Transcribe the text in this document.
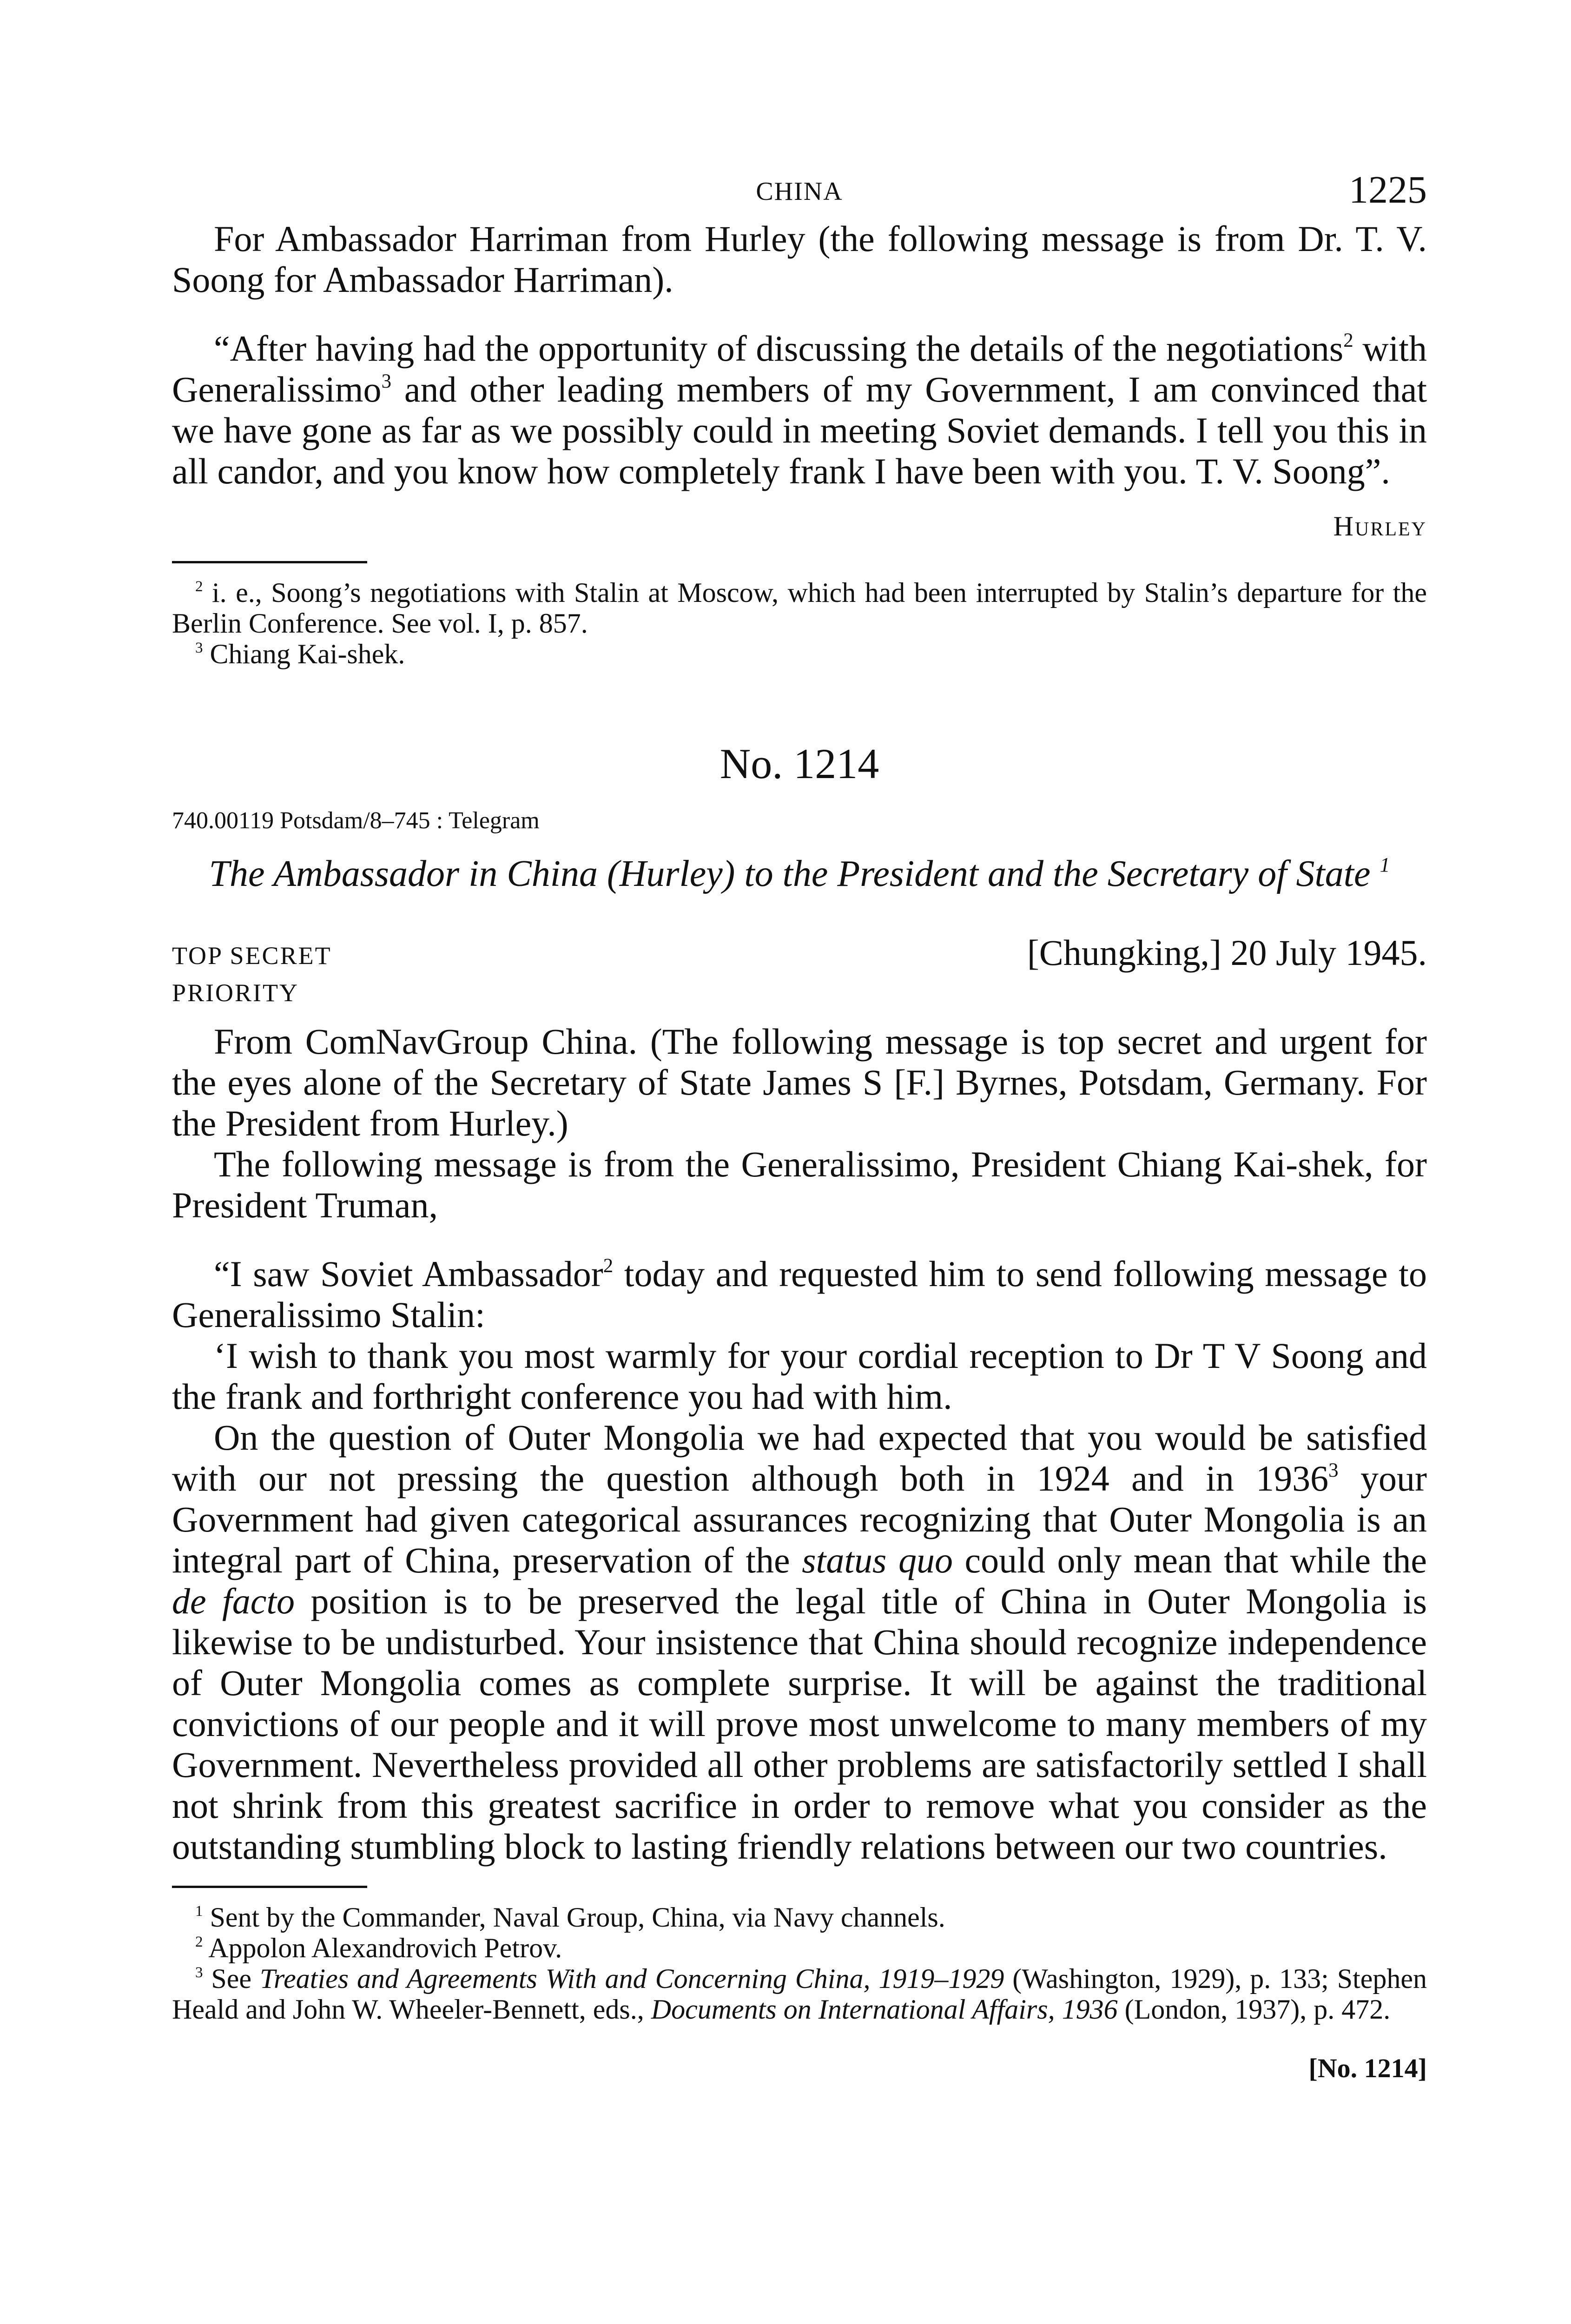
CHINA	1225

For Ambassador Harriman from Hurley (the following message is from Dr. T. V. Soong for Ambassador Harriman).

“After having had the opportunity of discussing the details of the negotiations$^2$ with Generalissimo$^3$ and other leading members of my Government, I am convinced that we have gone as far as we possibly could in meeting Soviet demands. I tell you this in all candor, and you know how completely frank I have been with you. T. V. Soong”.

Hurley

$^2$ i. e., Soong’s negotiations with Stalin at Moscow, which had been interrupted by Stalin’s departure for the Berlin Conference. See vol. I, p. 857.

$^3$ Chiang Kai-shek.

No. 1214
740.00119 Potsdam/8–745 : Telegram
The Ambassador in China (Hurley) to the President and the Secretary of State $^1$
TOP SECRET	[Chungking,] 20 July 1945.
PRIORITY

From ComNavGroup China. (The following message is top secret and urgent for the eyes alone of the Secretary of State James S [F.] Byrnes, Potsdam, Germany. For the President from Hurley.)

The following message is from the Generalissimo, President Chiang Kai-shek, for President Truman,

“I saw Soviet Ambassador$^2$ today and requested him to send following message to Generalissimo Stalin:

‘I wish to thank you most warmly for your cordial reception to Dr T V Soong and the frank and forthright conference you had with him.

On the question of Outer Mongolia we had expected that you would be satisfied with our not pressing the question although both in 1924 and in 1936$^3$ your Government had given categorical assurances recognizing that Outer Mongolia is an integral part of China, preservation of the status quo could only mean that while the de facto position is to be preserved the legal title of China in Outer Mongolia is likewise to be undisturbed. Your insistence that China should recognize independence of Outer Mongolia comes as complete surprise. It will be against the traditional convictions of our people and it will prove most unwelcome to many members of my Government. Nevertheless provided all other problems are satisfactorily settled I shall not shrink from this greatest sacrifice in order to remove what you consider as the outstanding stumbling block to lasting friendly relations between our two countries.

$^1$ Sent by the Commander, Naval Group, China, via Navy channels.

$^2$ Appolon Alexandrovich Petrov.

$^3$ See Treaties and Agreements With and Concerning China, 1919–1929 (Washington, 1929), p. 133; Stephen Heald and John W. Wheeler-Bennett, eds., Documents on International Affairs, 1936 (London, 1937), p. 472.

[No. 1214]
